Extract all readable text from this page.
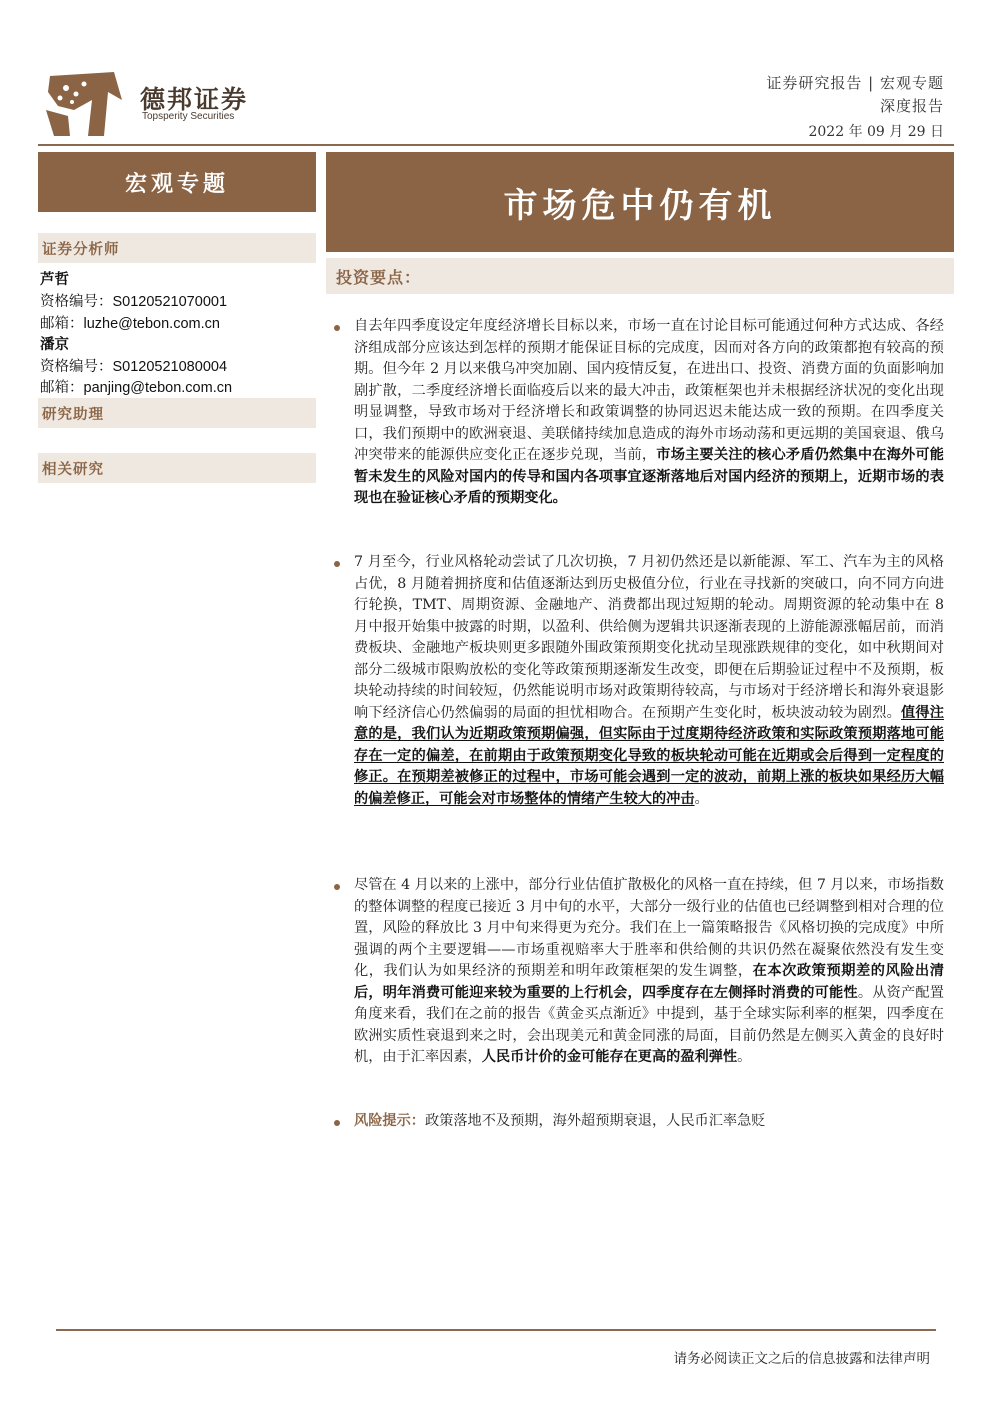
德邦证券
Topsperity Securities
证券研究报告 | 宏观专题
深度报告
2022 年 09 月 29 日
宏观专题
证券分析师
芦哲
资格编号：S0120521070001
邮箱：luzhe@tebon.com.cn
潘京
资格编号：S0120521080004
邮箱：panjing@tebon.com.cn
研究助理
相关研究
市场危中仍有机
投资要点：
自去年四季度设定年度经济增长目标以来，市场一直在讨论目标可能通过何种方式达成、各经济组成部分应该达到怎样的预期才能保证目标的完成度，因而对各方向的政策都抱有较高的预期。但今年 2 月以来俄乌冲突加剧、国内疫情反复，在进出口、投资、消费方面的负面影响加剧扩散，二季度经济增长面临疫后以来的最大冲击，政策框架也并未根据经济状况的变化出现明显调整，导致市场对于经济增长和政策调整的协同迟迟未能达成一致的预期。在四季度关口，我们预期中的欧洲衰退、美联储持续加息造成的海外市场动荡和更远期的美国衰退、俄乌冲突带来的能源供应变化正在逐步兑现，当前，市场主要关注的核心矛盾仍然集中在海外可能暂未发生的风险对国内的传导和国内各项事宜逐渐落地后对国内经济的预期上，近期市场的表现也在验证核心矛盾的预期变化。
7 月至今，行业风格轮动尝试了几次切换，7 月初仍然还是以新能源、军工、汽车为主的风格占优，8 月随着拥挤度和估值逐渐达到历史极值分位，行业在寻找新的突破口，向不同方向进行轮换，TMT、周期资源、金融地产、消费都出现过短期的轮动。周期资源的轮动集中在 8 月中报开始集中披露的时期，以盈利、供给侧为逻辑共识逐渐表现的上游能源涨幅居前，而消费板块、金融地产板块则更多跟随外围政策预期变化扰动呈现涨跌规律的变化，如中秋期间对部分二级城市限购放松的变化等政策预期逐渐发生改变，即便在后期验证过程中不及预期，板块轮动持续的时间较短，仍然能说明市场对政策期待较高，与市场对于经济增长和海外衰退影响下经济信心仍然偏弱的局面的担忧相吻合。在预期产生变化时，板块波动较为剧烈。值得注意的是，我们认为近期政策预期偏强，但实际由于过度期待经济政策和实际政策预期落地可能存在一定的偏差，在前期由于政策预期变化导致的板块轮动可能在近期或会后得到一定程度的修正。在预期差被修正的过程中，市场可能会遇到一定的波动，前期上涨的板块如果经历大幅的偏差修正，可能会对市场整体的情绪产生较大的冲击。
尽管在 4 月以来的上涨中，部分行业估值扩散极化的风格一直在持续，但 7 月以来，市场指数的整体调整的程度已接近 3 月中旬的水平，大部分一级行业的估值也已经调整到相对合理的位置，风险的释放比 3 月中旬来得更为充分。我们在上一篇策略报告《风格切换的完成度》中所强调的两个主要逻辑——市场重视赔率大于胜率和供给侧的共识仍然在凝聚依然没有发生变化，我们认为如果经济的预期差和明年政策框架的发生调整，在本次政策预期差的风险出清后，明年消费可能迎来较为重要的上行机会，四季度存在左侧择时消费的可能性。从资产配置角度来看，我们在之前的报告《黄金买点渐近》中提到，基于全球实际利率的框架，四季度在欧洲实质性衰退到来之时，会出现美元和黄金同涨的局面，目前仍然是左侧买入黄金的良好时机，由于汇率因素，人民币计价的金可能存在更高的盈利弹性。
风险提示：政策落地不及预期，海外超预期衰退，人民币汇率急贬
请务必阅读正文之后的信息披露和法律声明
